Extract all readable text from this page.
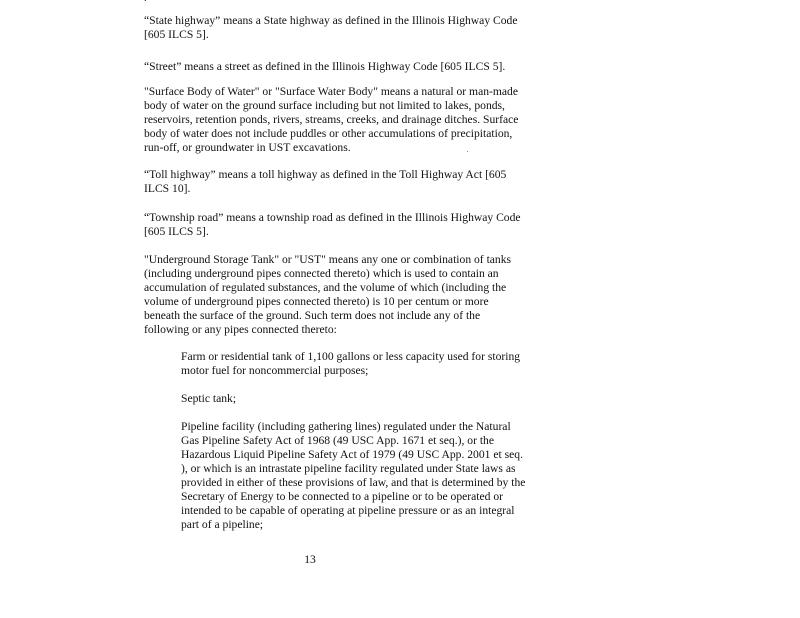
“State highway” means a State highway as defined in the Illinois Highway Code
[605 ILCS 5].

“Street” means a street as defined in the Illinois Highway Code [605 ILCS 5].

"Surface Body of Water" or "Surface Water Body" means a natural or man-made
body of water on the ground surface including but not limited to lakes, ponds,
reservoirs, retention ponds, rivers, streams, creeks, and drainage ditches. Surface
body of water does not include puddles or other accumulations of precipitation,
run-off, or groundwater in UST excavations.

“Toll highway” means a toll highway as defined in the Toll Highway Act [605
ILCS 10].

“Township road” means a township road as defined in the Illinois Highway Code
[605 ILCS 5].

"Underground Storage Tank" or "UST" means any one or combination of tanks
(including underground pipes connected thereto) which is used to contain an
accumulation of regulated substances, and the volume of which (including the
volume of underground pipes connected thereto) is 10 per centum or more
beneath the surface of the ground. Such term does not include any of the
following or any pipes connected thereto:

Farm or residential tank of 1,100 gallons or less capacity used for storing
motor fuel for noncommercial purposes;

Septic tank;

Pipeline facility (including gathering lines) regulated under the Natural
Gas Pipeline Safety Act of 1968 (49 USC App. 1671 et seq.), or the
Hazardous Liquid Pipeline Safety Act of 1979 (49 USC App. 2001 et seq.
), or which is an intrastate pipeline facility regulated under State laws as
provided in either of these provisions of law, and that is determined by the
Secretary of Energy to be connected to a pipeline or to be operated or
intended to be capable of operating at pipeline pressure or as an integral
part of a pipeline;

13
